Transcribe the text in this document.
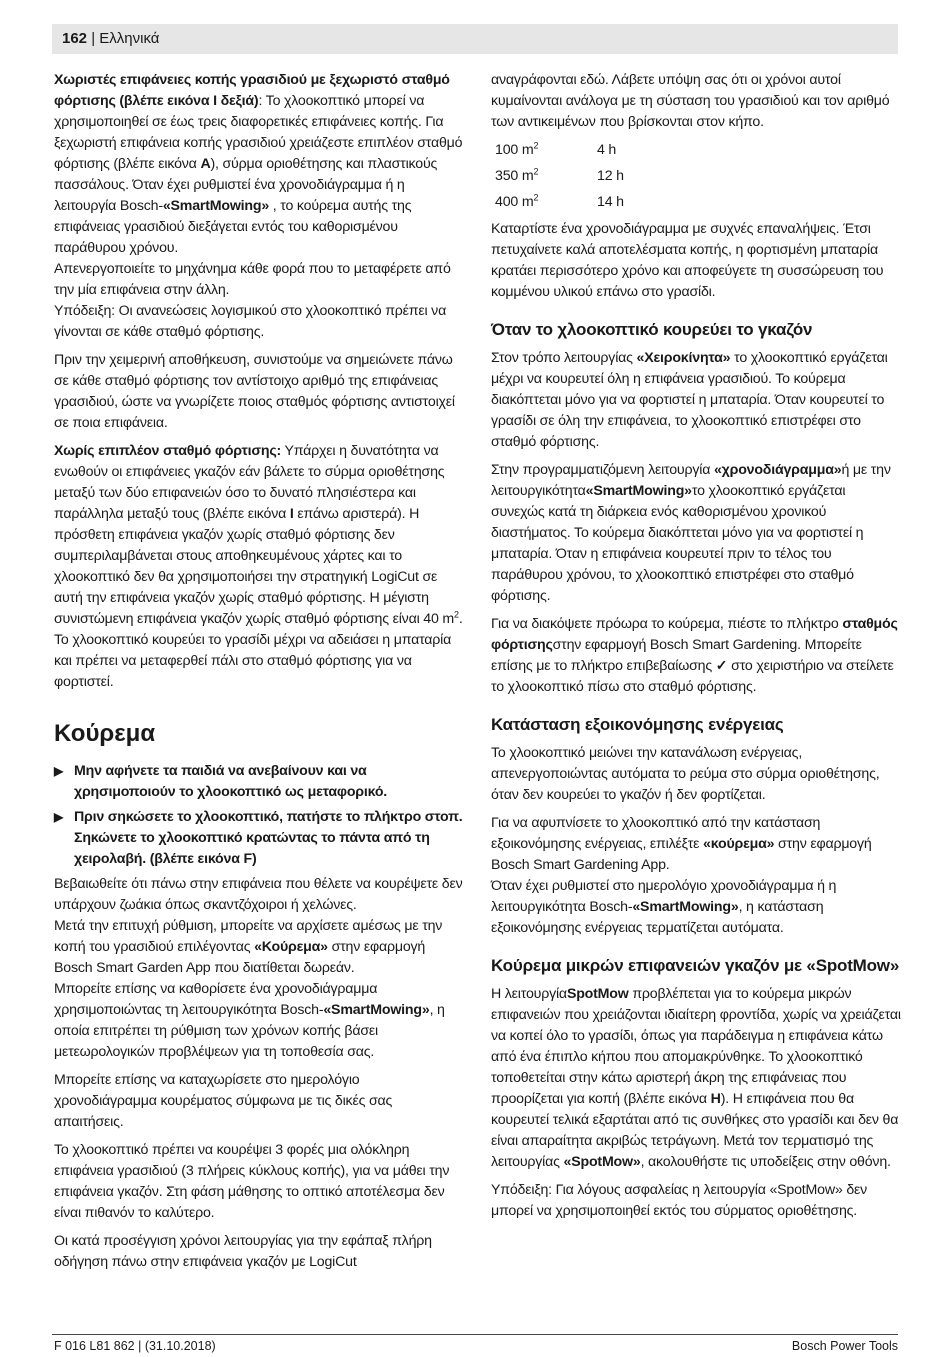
162 | Ελληνικά

Χωριστές επιφάνειες κοπής γρασιδιού με ξεχωριστό σταθμό φόρτισης (βλέπε εικόνα I δεξιά): Το χλοοκοπτικό μπορεί να χρησιμοποιηθεί σε έως τρεις διαφορετικές επιφάνειες κοπής. Για ξεχωριστή επιφάνεια κοπής γρασιδιού χρειάζεστε επιπλέον σταθμό φόρτισης (βλέπε εικόνα A), σύρμα οριοθέτησης και πλαστικούς πασσάλους. Όταν έχει ρυθμιστεί ένα χρονοδιάγραμμα ή η λειτουργία Bosch-«SmartMowing» , το κούρεμα αυτής της επιφάνειας γρασιδιού διεξάγεται εντός του καθορισμένου παράθυρου χρόνου.

Απενεργοποιείτε το μηχάνημα κάθε φορά που το μεταφέρετε από την μία επιφάνεια στην άλλη.

Υπόδειξη: Οι ανανεώσεις λογισμικού στο χλοοκοπτικό πρέπει να γίνονται σε κάθε σταθμό φόρτισης.

Πριν την χειμερινή αποθήκευση, συνιστούμε να σημειώνετε πάνω σε κάθε σταθμό φόρτισης τον αντίστοιχο αριθμό της επιφάνειας γρασιδιού, ώστε να γνωρίζετε ποιος σταθμός φόρτισης αντιστοιχεί σε ποια επιφάνεια.

Χωρίς επιπλέον σταθμό φόρτισης: Υπάρχει η δυνατότητα να ενωθούν οι επιφάνειες γκαζόν εάν βάλετε το σύρμα οριοθέτησης μεταξύ των δύο επιφανειών όσο το δυνατό πλησιέστερα και παράλληλα μεταξύ τους (βλέπε εικόνα I επάνω αριστερά). Η πρόσθετη επιφάνεια γκαζόν χωρίς σταθμό φόρτισης δεν συμπεριλαμβάνεται στους αποθηκευμένους χάρτες και το χλοοκοπτικό δεν θα χρησιμοποιήσει την στρατηγική LogiCut σε αυτή την επιφάνεια γκαζόν χωρίς σταθμό φόρτισης. Η μέγιστη συνιστώμενη επιφάνεια γκαζόν χωρίς σταθμό φόρτισης είναι 40 $m^2$. Το χλοοκοπτικό κουρεύει το γρασίδι μέχρι να αδειάσει η μπαταρία και πρέπει να μεταφερθεί πάλι στο σταθμό φόρτισης για να φορτιστεί.

Κούρεμα
▶ Μην αφήνετε τα παιδιά να ανεβαίνουν και να χρησιμοποιούν το χλοοκοπτικό ως μεταφορικό.
▶ Πριν σηκώσετε το χλοοκοπτικό, πατήστε το πλήκτρο στοπ. Σηκώνετε το χλοοκοπτικό κρατώντας το πάντα από τη χειρολαβή. (βλέπε εικόνα F)

Βεβαιωθείτε ότι πάνω στην επιφάνεια που θέλετε να κουρέψετε δεν υπάρχουν ζωάκια όπως σκαντζόχοιροι ή χελώνες.

Μετά την επιτυχή ρύθμιση, μπορείτε να αρχίσετε αμέσως με την κοπή του γρασιδιού επιλέγοντας «Κούρεμα» στην εφαρμογή Bosch Smart Garden App που διατίθεται δωρεάν.

Μπορείτε επίσης να καθορίσετε ένα χρονοδιάγραμμα χρησιμοποιώντας τη λειτουργικότητα Bosch-«SmartMowing», η οποία επιτρέπει τη ρύθμιση των χρόνων κοπής βάσει μετεωρολογικών προβλέψεων για τη τοποθεσία σας.

Μπορείτε επίσης να καταχωρίσετε στο ημερολόγιο χρονοδιάγραμμα κουρέματος σύμφωνα με τις δικές σας απαιτήσεις.

Το χλοοκοπτικό πρέπει να κουρέψει 3 φορές μια ολόκληρη επιφάνεια γρασιδιού (3 πλήρεις κύκλους κοπής), για να μάθει την επιφάνεια γκαζόν. Στη φάση μάθησης το οπτικό αποτέλεσμα δεν είναι πιθανόν το καλύτερο.

Οι κατά προσέγγιση χρόνοι λειτουργίας για την εφάπαξ πλήρη οδήγηση πάνω στην επιφάνεια γκαζόν με LogiCut

αναγράφονται εδώ. Λάβετε υπόψη σας ότι οι χρόνοι αυτοί κυμαίνονται ανάλογα με τη σύσταση του γρασιδιού και τον αριθμό των αντικειμένων που βρίσκονται στον κήπο.

100 $m^2$	4 h
350 $m^2$	12 h
400 $m^2$	14 h

Καταρτίστε ένα χρονοδιάγραμμα με συχνές επαναλήψεις. Έτσι πετυχαίνετε καλά αποτελέσματα κοπής, η φορτισμένη μπαταρία κρατάει περισσότερο χρόνο και αποφεύγετε τη συσσώρευση του κομμένου υλικού επάνω στο γρασίδι.

Όταν το χλοοκοπτικό κουρεύει το γκαζόν

Στον τρόπο λειτουργίας «Χειροκίνητα» το χλοοκοπτικό εργάζεται μέχρι να κουρευτεί όλη η επιφάνεια γρασιδιού. Το κούρεμα διακόπτεται μόνο για να φορτιστεί η μπαταρία. Όταν κουρευτεί το γρασίδι σε όλη την επιφάνεια, το χλοοκοπτικό επιστρέφει στο σταθμό φόρτισης.

Στην προγραμματιζόμενη λειτουργία «χρονοδιάγραμμα»ή με την λειτουργικότητα«SmartMowing»το χλοοκοπτικό εργάζεται συνεχώς κατά τη διάρκεια ενός καθορισμένου χρονικού διαστήματος. Το κούρεμα διακόπτεται μόνο για να φορτιστεί η μπαταρία. Όταν η επιφάνεια κουρευτεί πριν το τέλος του παράθυρου χρόνου, το χλοοκοπτικό επιστρέφει στο σταθμό φόρτισης.

Για να διακόψετε πρόωρα το κούρεμα, πιέστε το πλήκτρο σταθμός φόρτισηςστην εφαρμογή Bosch Smart Gardening. Μπορείτε επίσης με το πλήκτρο επιβεβαίωσης ✓ στο χειριστήριο να στείλετε το χλοοκοπτικό πίσω στο σταθμό φόρτισης.

Κατάσταση εξοικονόμησης ενέργειας

Το χλοοκοπτικό μειώνει την κατανάλωση ενέργειας, απενεργοποιώντας αυτόματα το ρεύμα στο σύρμα οριοθέτησης, όταν δεν κουρεύει το γκαζόν ή δεν φορτίζεται.

Για να αφυπνίσετε το χλοοκοπτικό από την κατάσταση εξοικονόμησης ενέργειας, επιλέξτε «κούρεμα» στην εφαρμογή Bosch Smart Gardening App.

Όταν έχει ρυθμιστεί στο ημερολόγιο χρονοδιάγραμμα ή η λειτουργικότητα Bosch-«SmartMowing», η κατάσταση εξοικονόμησης ενέργειας τερματίζεται αυτόματα.

Κούρεμα μικρών επιφανειών γκαζόν με «SpotMow»

Η λειτουργίαSpotMow προβλέπεται για το κούρεμα μικρών επιφανειών που χρειάζονται ιδιαίτερη φροντίδα, χωρίς να χρειάζεται να κοπεί όλο το γρασίδι, όπως για παράδειγμα η επιφάνεια κάτω από ένα έπιπλο κήπου που απομακρύνθηκε. Το χλοοκοπτικό τοποθετείται στην κάτω αριστερή άκρη της επιφάνειας που προορίζεται για κοπή (βλέπε εικόνα H). Η επιφάνεια που θα κουρευτεί τελικά εξαρτάται από τις συνθήκες στο γρασίδι και δεν θα είναι απαραίτητα ακριβώς τετράγωνη. Μετά τον τερματισμό της λειτουργίας «SpotMow», ακολουθήστε τις υποδείξεις στην οθόνη.

Υπόδειξη: Για λόγους ασφαλείας η λειτουργία «SpotMow» δεν μπορεί να χρησιμοποιηθεί εκτός του σύρματος οριοθέτησης.

F 016 L81 862 | (31.10.2018)	Bosch Power Tools
